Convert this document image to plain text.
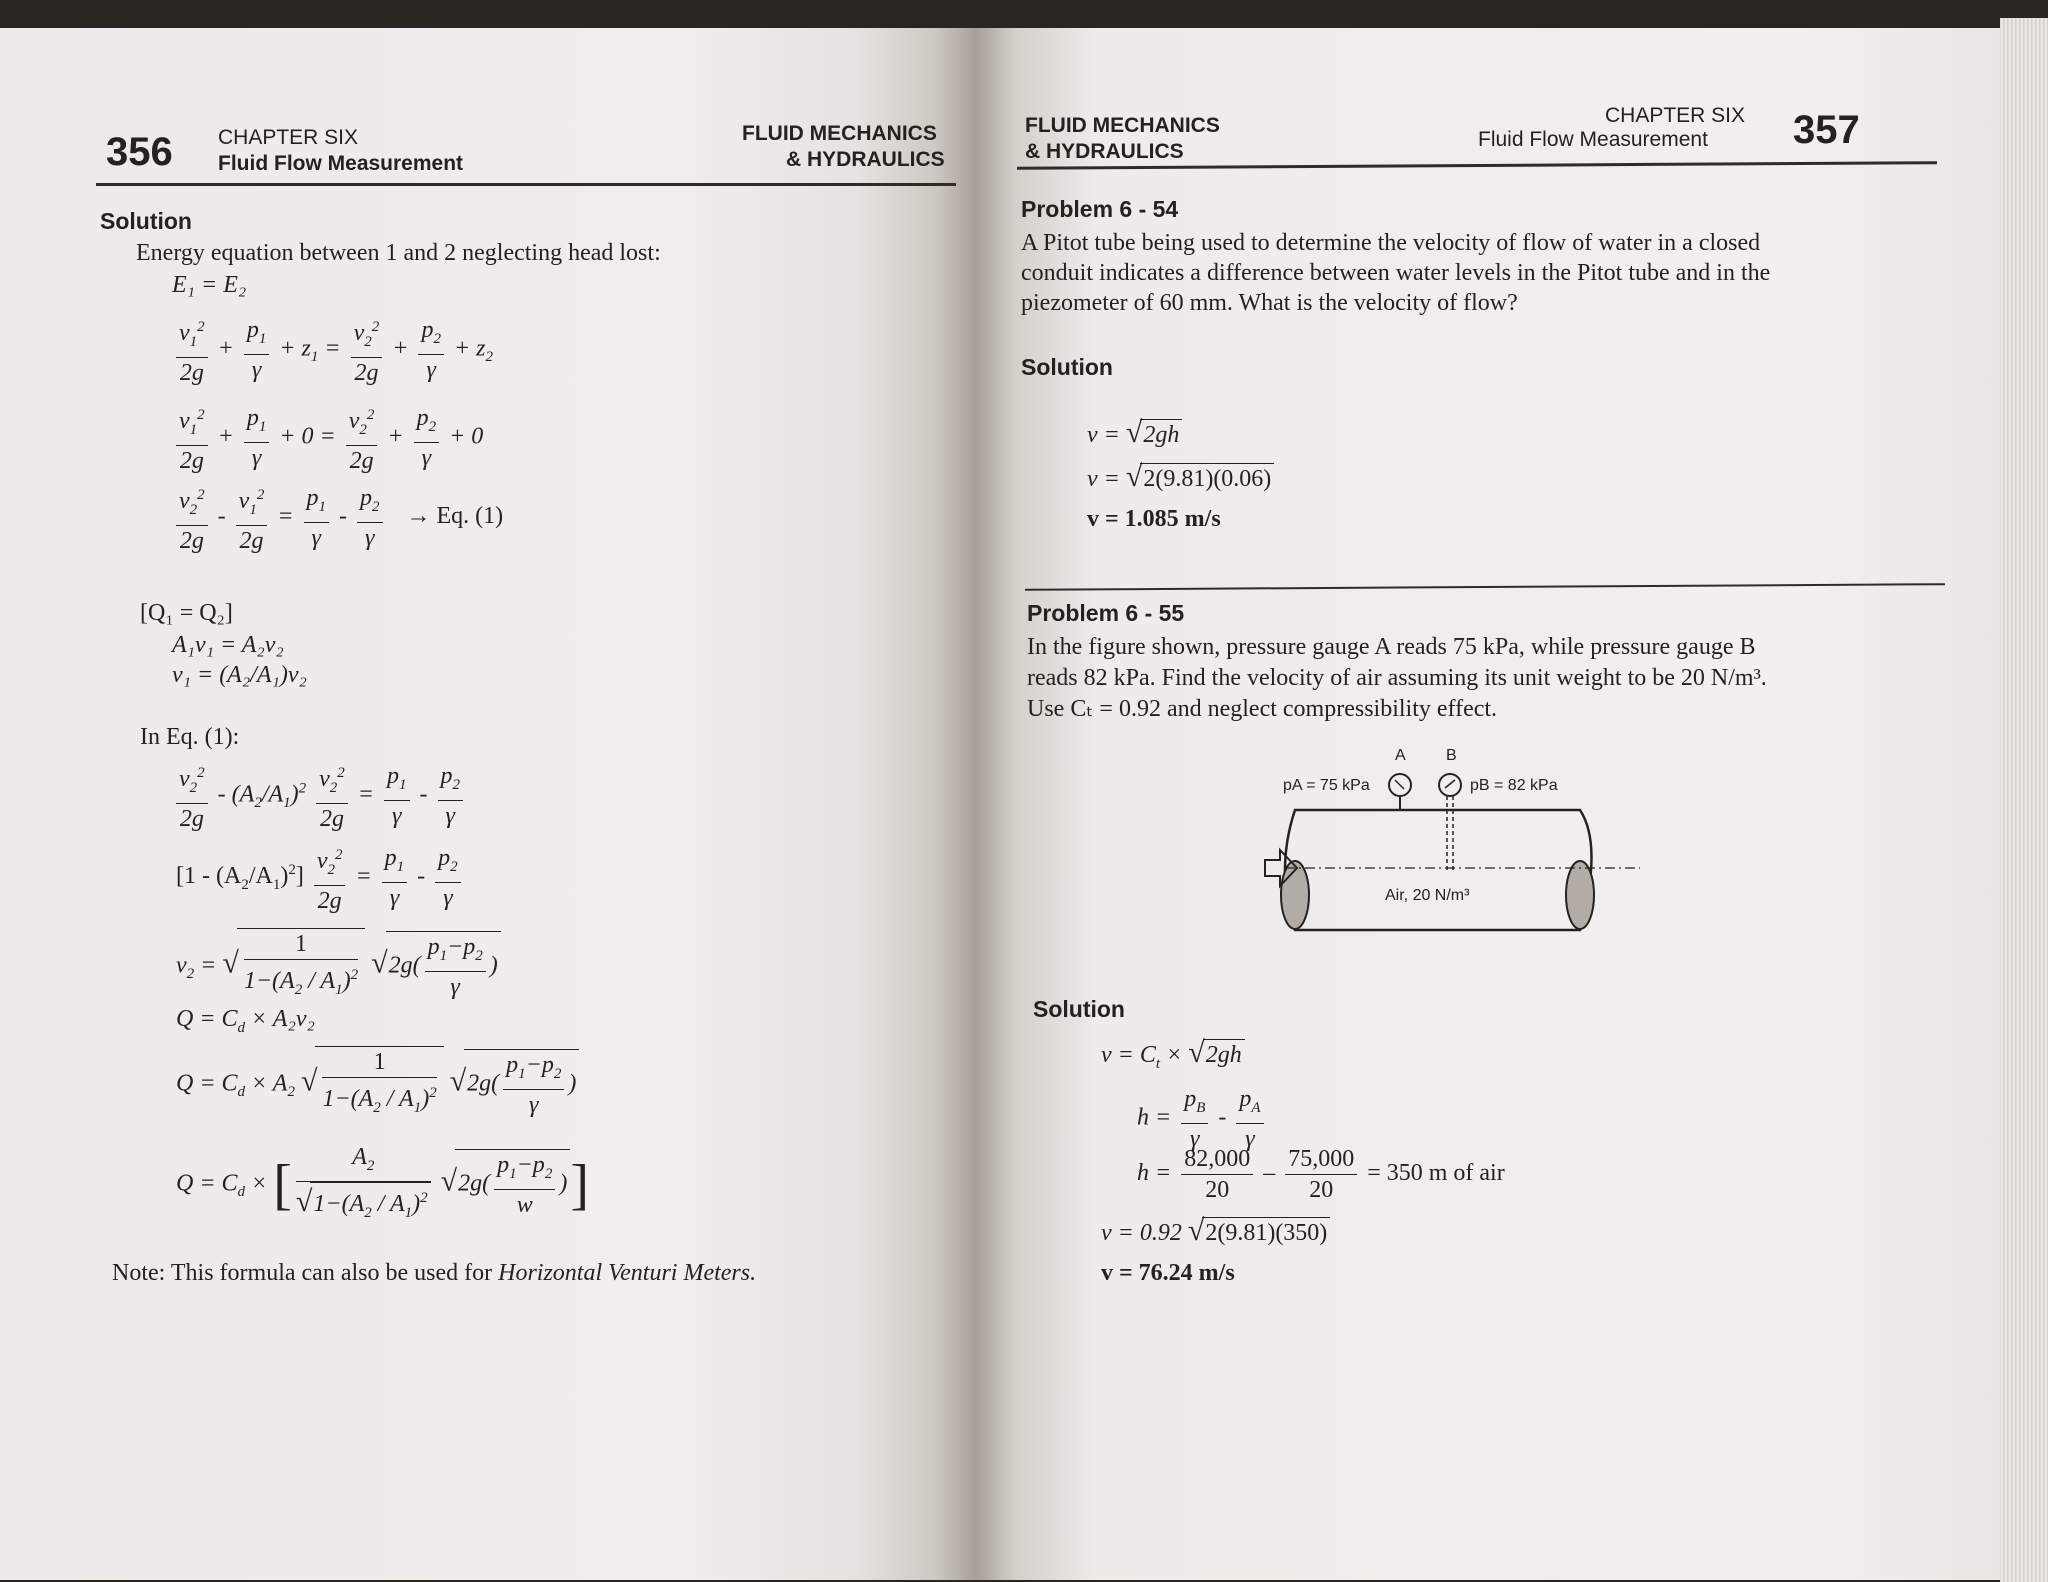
356 CHAPTER SIX
Fluid Flow Measurement
FLUID MECHANICS
& HYDRAULICS
Solution
Energy equation between 1 and 2 neglecting head lost:
E₁ = E₂
$\frac{v_1^2}{2g} + \frac{p_1}{\gamma} + z_1 = \frac{v_2^2}{2g} + \frac{p_2}{\gamma} + z_2$
$\frac{v_1^2}{2g} + \frac{p_1}{\gamma} + 0 = \frac{v_2^2}{2g} + \frac{p_2}{\gamma} + 0$
$\frac{v_2^2}{2g} - \frac{v_1^2}{2g} = \frac{p_1}{\gamma} - \frac{p_2}{\gamma} \to Eq$. (1)
[Q₁ = Q₂]
A₁v₁ = A₂v₂
v₁ = (A₂/A₁)v₂
In Eq. (1):
$\frac{v_2^2}{2g} - (A_2/A_1)^2 \frac{v_2^2}{2g} = \frac{p_1}{\gamma} - \frac{p_2}{\gamma}$
$[1 - (A_2/A_1)^2] \frac{v_2^2}{2g} = \frac{p_1}{\gamma} - \frac{p_2}{\gamma}$
$v_2$ = √ $\frac{1}{1-(A_2 / A_1)^2} √2g( \frac{p_1-p_2}{\gamma}$ )
$Q = C_d \times A_2v_2$
$Q = C_d \times A_2$ √ $\frac{1}{1-(A_2 / A_1)^2} √2g( \frac{p_1-p_2}{\gamma}$ )
$Q = C_d$ × [ $\frac{A_2}{√1-(A_2 / A_1)^2} √2g( \frac{p_1-p_2}{w}$ )]
Note: This formula can also be used for Horizontal Venturi Meters.
FLUID MECHANICS
& HYDRAULICS
CHAPTER SIX
Fluid Flow Measurement 357
Problem 6 - 54
A Pitot tube being used to determine the velocity of flow of water in a closed
conduit indicates a difference between water levels in the Pitot tube and in the
piezometer of 60 mm. What is the velocity of flow?
Solution
v = √2gh
v = √2(9.81)(0.06)
v = 1.085 m/s
Problem 6 - 55
In the figure shown, pressure gauge A reads 75 kPa, while pressure gauge B
reads 82 kPa. Find the velocity of air assuming its unit weight to be 20 N/m³.
Use Cₜ = 0.92 and neglect compressibility effect.
A	B
pA = 75 kPa	pB = 82 kPa
Air, 20 N/m³
Solution
$v = C_t \times √2gh$
$h = \frac{p_B}{\gamma} - \frac{p_A}{\gamma}$
$h = \frac{82,000}{20} - \frac{75,000}{20} = 350$ m of air
v = 0.92 √2(9.81)(350)
v = 76.24 m/s
